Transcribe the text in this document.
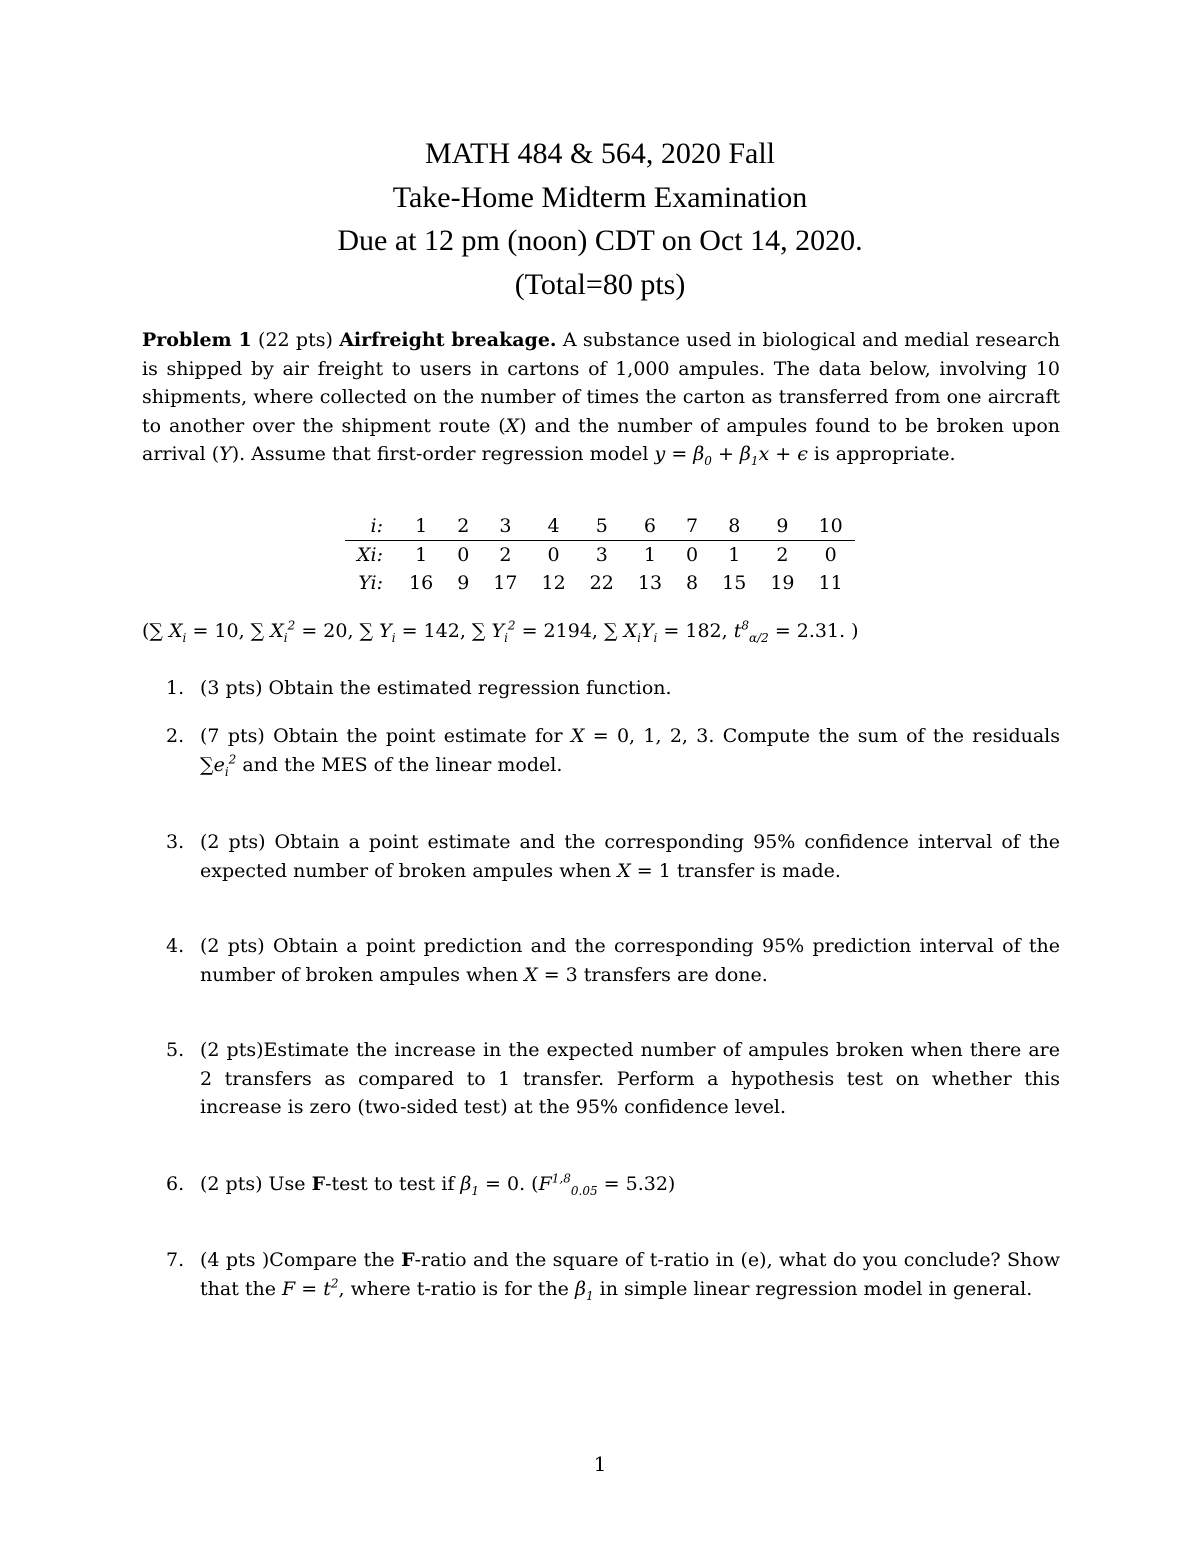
MATH 484 & 564, 2020 Fall
Take-Home Midterm Examination
Due at 12 pm (noon) CDT on Oct 14, 2020.
(Total=80 pts)
Problem 1 (22 pts) Airfreight breakage. A substance used in biological and medial research is shipped by air freight to users in cartons of 1,000 ampules. The data below, involving 10 shipments, where collected on the number of times the carton as transferred from one aircraft to another over the shipment route (X) and the number of ampules found to be broken upon arrival (Y). Assume that first-order regression model $y = \beta_0 + \beta_1x + \epsilon$ is appropriate.
i:	1	2	3	4	5	6	7	8	9	10
Xi:	1	0	2	0	3	1	0	1	2	0
Yi:	16	9	17	12	22	13	8	15	19	11
(∑ $X_i = 10$, ∑ $X_i^2 = 20$, ∑ $Y_i = 142$, ∑ $Y_i^2 = 2194$, ∑ $X_iY_i = 182$, $t^8_{\alpha/2} = 2.31$. )
1. (3 pts) Obtain the estimated regression function.
2. (7 pts) Obtain the point estimate for X = 0, 1, 2, 3. Compute the sum of the residuals $\sum e_i^2$ and the MES of the linear model.
3. (2 pts) Obtain a point estimate and the corresponding 95% confidence interval of the expected number of broken ampules when X = 1 transfer is made.
4. (2 pts) Obtain a point prediction and the corresponding 95% prediction interval of the number of broken ampules when X = 3 transfers are done.
5. (2 pts)Estimate the increase in the expected number of ampules broken when there are 2 transfers as compared to 1 transfer. Perform a hypothesis test on whether this increase is zero (two-sided test) at the 95% confidence level.
6. (2 pts) Use F-test to test if $\beta_1 = 0$. $(F^{1,8}_{0.05} = 5.32)$
7. (4 pts )Compare the F-ratio and the square of t-ratio in (e), what do you conclude? Show that the $F = t^2$, where t-ratio is for the $\beta_1$ in simple linear regression model in general.
1
